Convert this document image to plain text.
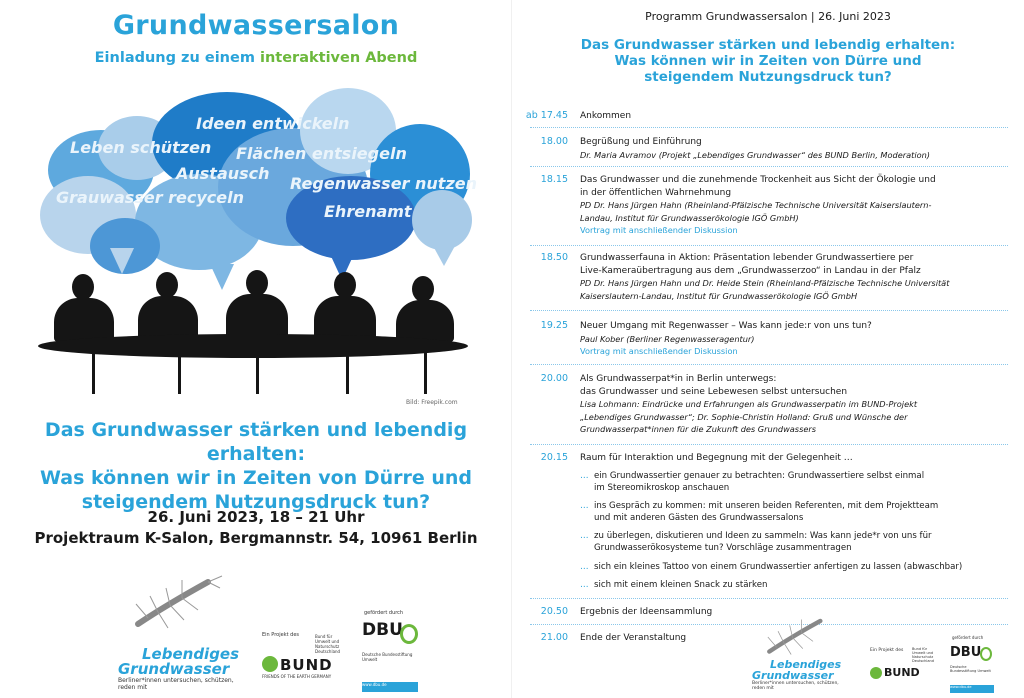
Grundwassersalon
Einladung zu einem interaktiven Abend
Ideen entwickeln
Leben schützen Flächen entsiegeln
Austausch
Regenwasser nutzen
Grauwasser recyceln
Ehrenamt
Bild: Freepik.com
Das Grundwasser stärken und lebendig erhalten:
Was können wir in Zeiten von Dürre und
steigendem Nutzungsdruck tun?
26. Juni 2023, 18 – 21 Uhr
Projektraum K-Salon, Bergmannstr. 54, 10961 Berlin
Lebendiges
Grundwasser
Berliner*innen untersuchen, schützen, reden mit
Ein Projekt des
BUND
FRIENDS OF THE EARTH GERMANY
Bund für Umwelt und Naturschutz Deutschland
gefördert durch
DBU
Deutsche Bundesstiftung Umwelt
www.dbu.de
Programm Grundwassersalon | 26. Juni 2023
Das Grundwasser stärken und lebendig erhalten:
Was können wir in Zeiten von Dürre und
steigendem Nutzungsdruck tun?
ab 17.45 Ankommen
18.00 Begrüßung und Einführung
Dr. Maria Avramov (Projekt „Lebendiges Grundwasser“ des BUND Berlin, Moderation)
18.15 Das Grundwasser und die zunehmende Trockenheit aus Sicht der Ökologie und
in der öffentlichen Wahrnehmung
PD Dr. Hans Jürgen Hahn (Rheinland-Pfälzische Technische Universität Kaiserslautern-
Landau, Institut für Grundwasserökologie IGÖ GmbH)
Vortrag mit anschließender Diskussion
18.50 Grundwasserfauna in Aktion: Präsentation lebender Grundwassertiere per
Live-Kameraübertragung aus dem „Grundwasserzoo“ in Landau in der Pfalz
PD Dr. Hans Jürgen Hahn und Dr. Heide Stein (Rheinland-Pfälzische Technische Universität
Kaiserslautern-Landau, Institut für Grundwasserökologie IGÖ GmbH
19.25 Neuer Umgang mit Regenwasser – Was kann jede:r von uns tun?
Paul Kober (Berliner Regenwasseragentur)
Vortrag mit anschließender Diskussion
20.00 Als Grundwasserpat*in in Berlin unterwegs:
das Grundwasser und seine Lebewesen selbst untersuchen
Lisa Lohmann: Eindrücke und Erfahrungen als Grundwasserpatin im BUND-Projekt
„Lebendiges Grundwasser“; Dr. Sophie-Christin Holland: Gruß und Wünsche der
Grundwasserpat*innen für die Zukunft des Grundwassers
20.15 Raum für Interaktion und Begegnung mit der Gelegenheit …
… ein Grundwassertier genauer zu betrachten: Grundwassertiere selbst einmal
im Stereomikroskop anschauen
… ins Gespräch zu kommen: mit unseren beiden Referenten, mit dem Projektteam
und mit anderen Gästen des Grundwassersalons
… zu überlegen, diskutieren und Ideen zu sammeln: Was kann jede*r von uns für
Grundwasserökosysteme tun? Vorschläge zusammentragen
… sich ein kleines Tattoo von einem Grundwassertier anfertigen zu lassen (abwaschbar)
… sich mit einem kleinen Snack zu stärken
20.50 Ergebnis der Ideensammlung
21.00 Ende der Veranstaltung
Lebendiges
Grundwasser
Berliner*innen untersuchen, schützen, reden mit
Ein Projekt des
BUND
Bund für Umwelt und Naturschutz Deutschland
gefördert durch
DBU
Deutsche Bundesstiftung Umwelt
www.dbu.de
